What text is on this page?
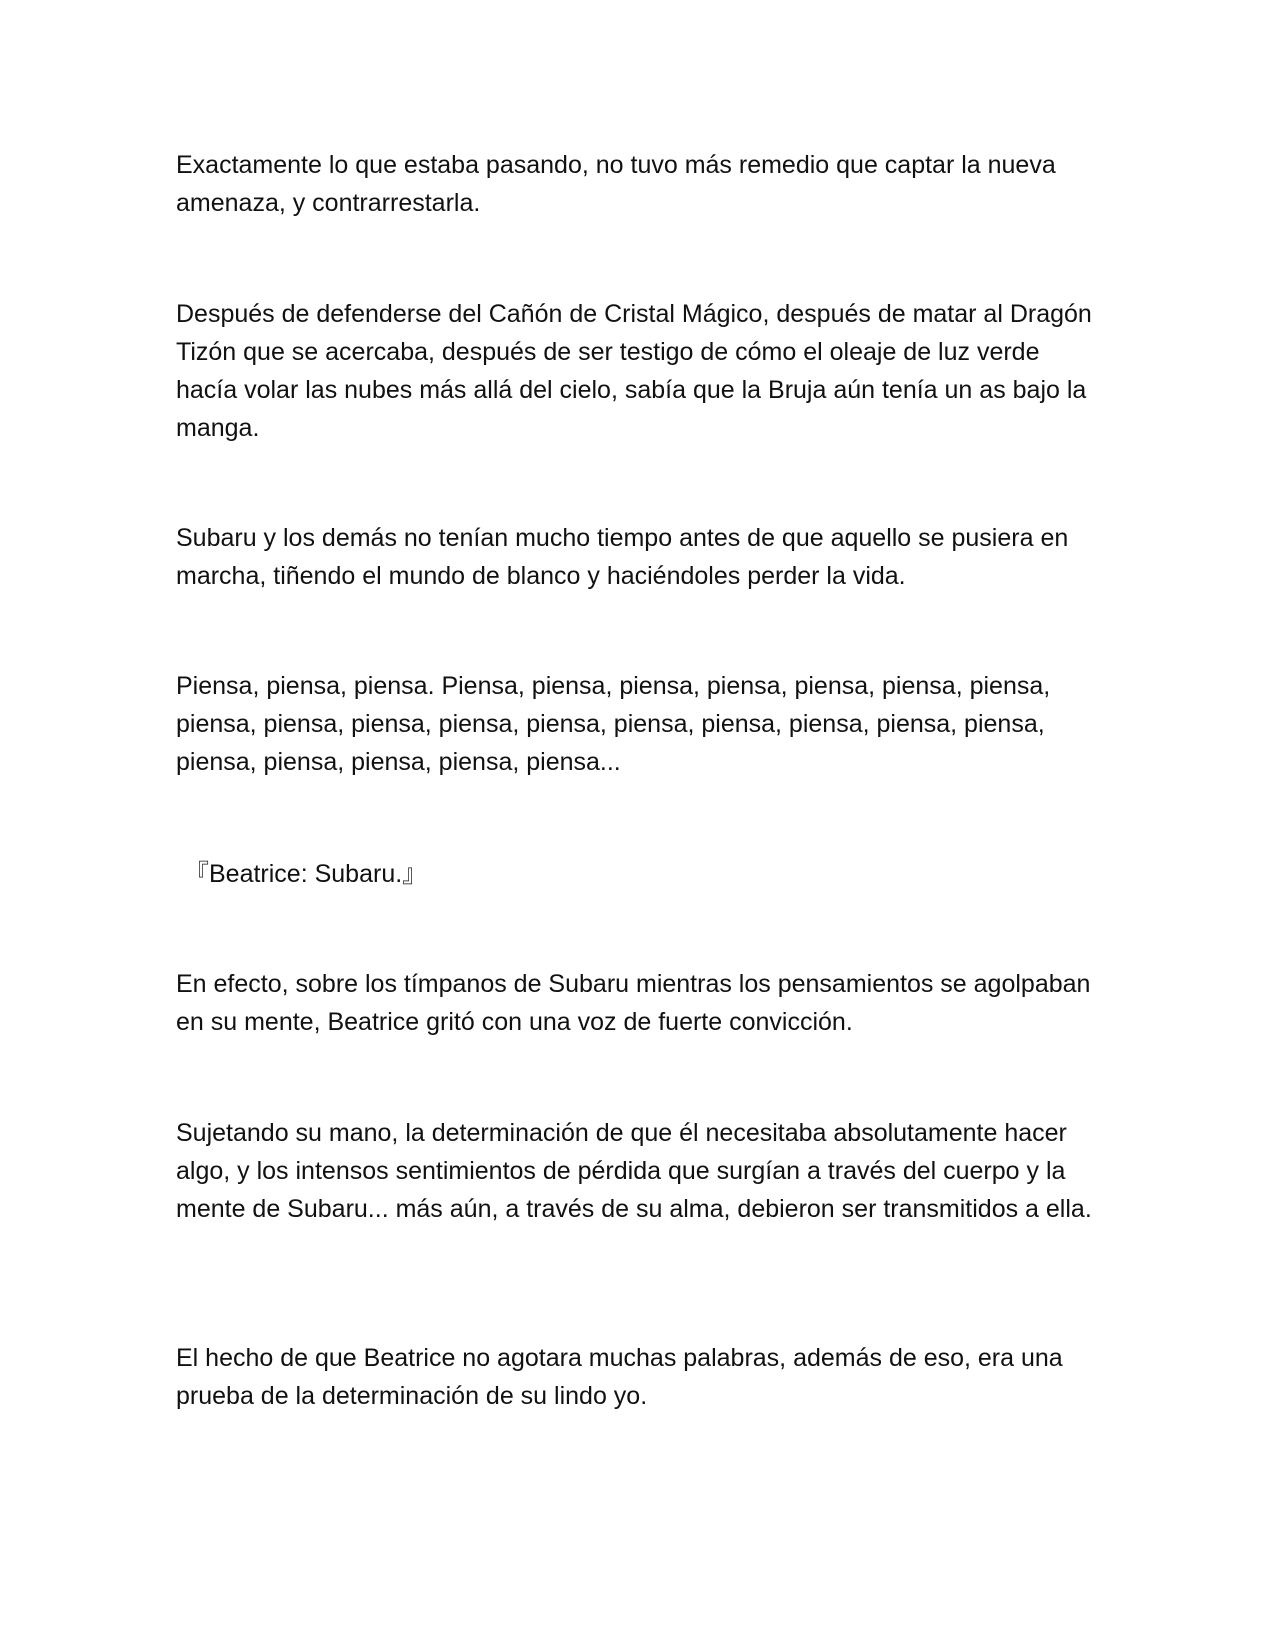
Exactamente lo que estaba pasando, no tuvo más remedio que captar la nueva amenaza, y contrarrestarla.

Después de defenderse del Cañón de Cristal Mágico, después de matar al Dragón Tizón que se acercaba, después de ser testigo de cómo el oleaje de luz verde hacía volar las nubes más allá del cielo, sabía que la Bruja aún tenía un as bajo la manga.

Subaru y los demás no tenían mucho tiempo antes de que aquello se pusiera en marcha, tiñendo el mundo de blanco y haciéndoles perder la vida.

Piensa, piensa, piensa. Piensa, piensa, piensa, piensa, piensa, piensa, piensa, piensa, piensa, piensa, piensa, piensa, piensa, piensa, piensa, piensa, piensa, piensa, piensa, piensa, piensa, piensa...

『Beatrice: Subaru.』

En efecto, sobre los tímpanos de Subaru mientras los pensamientos se agolpaban en su mente, Beatrice gritó con una voz de fuerte convicción.

Sujetando su mano, la determinación de que él necesitaba absolutamente hacer algo, y los intensos sentimientos de pérdida que surgían a través del cuerpo y la mente de Subaru... más aún, a través de su alma, debieron ser transmitidos a ella.

El hecho de que Beatrice no agotara muchas palabras, además de eso, era una prueba de la determinación de su lindo yo.
